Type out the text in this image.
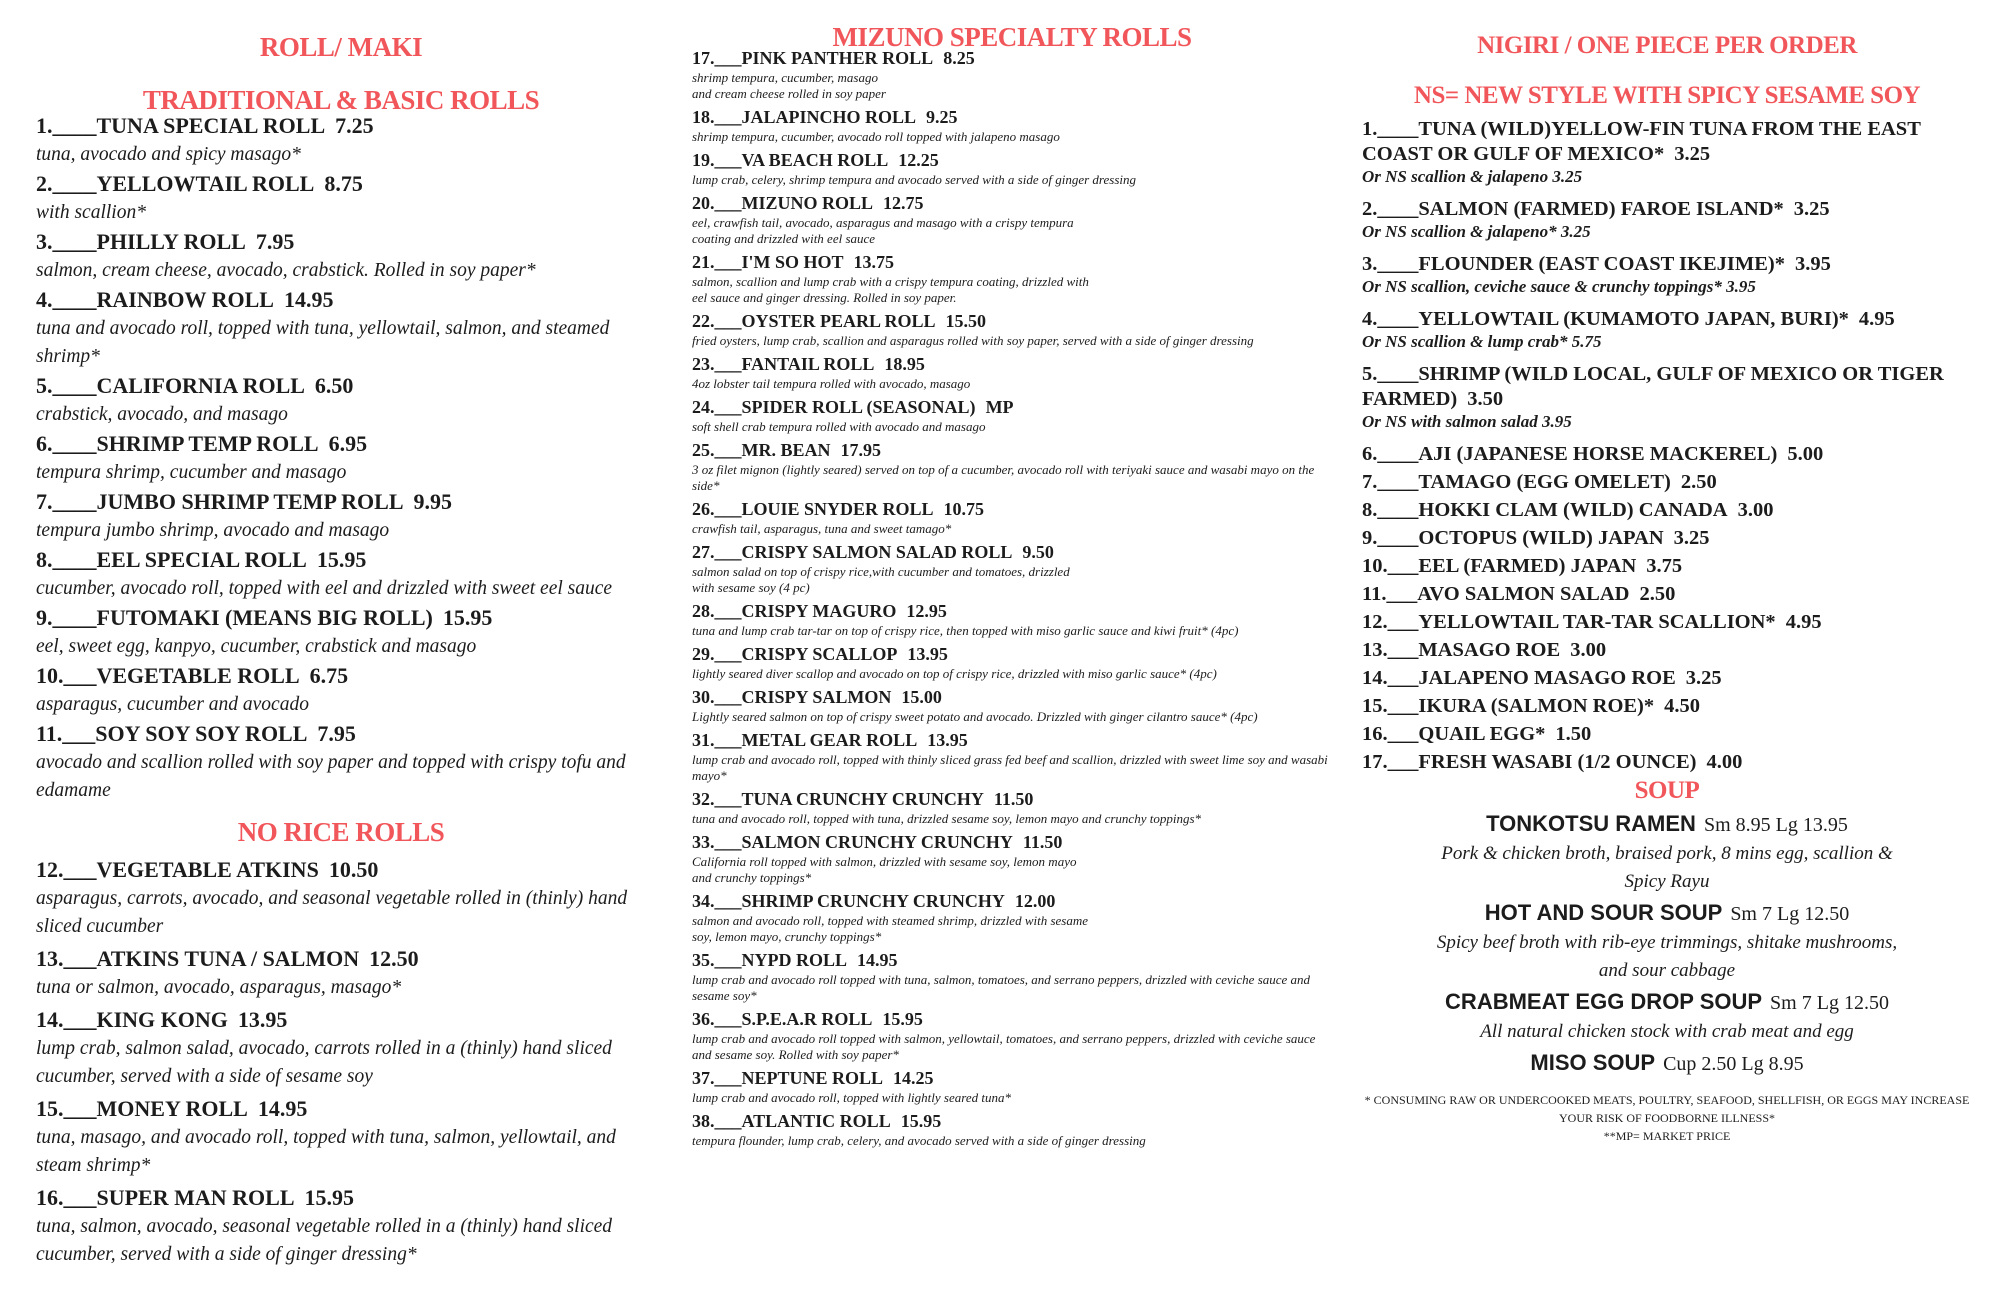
ROLL/ MAKI
TRADITIONAL & BASIC ROLLS
1.____TUNA SPECIAL ROLL 7.25
tuna, avocado and spicy masago*
2.____YELLOWTAIL ROLL 8.75
with scallion*
3.____PHILLY ROLL 7.95
salmon, cream cheese, avocado, crabstick. Rolled in soy paper*
4.____RAINBOW ROLL 14.95
tuna and avocado roll, topped with tuna, yellowtail, salmon, and steamed shrimp*
5.____CALIFORNIA ROLL 6.50
crabstick, avocado, and masago
6.____SHRIMP TEMP ROLL 6.95
tempura shrimp, cucumber and masago
7.____JUMBO SHRIMP TEMP ROLL 9.95
tempura jumbo shrimp, avocado and masago
8.____EEL SPECIAL ROLL 15.95
cucumber, avocado roll, topped with eel and drizzled with sweet eel sauce
9.____FUTOMAKI (MEANS BIG ROLL) 15.95
eel, sweet egg, kanpyo, cucumber, crabstick and masago
10.___VEGETABLE ROLL 6.75
asparagus, cucumber and avocado
11.___SOY SOY SOY ROLL 7.95
avocado and scallion rolled with soy paper and topped with crispy tofu and edamame
NO RICE ROLLS
12.___VEGETABLE ATKINS 10.50
asparagus, carrots, avocado, and seasonal vegetable rolled in (thinly) hand sliced cucumber
13.___ATKINS TUNA / SALMON 12.50
tuna or salmon, avocado, asparagus, masago*
14.___KING KONG 13.95
lump crab, salmon salad, avocado, carrots rolled in a (thinly) hand sliced cucumber, served with a side of sesame soy
15.___MONEY ROLL 14.95
tuna, masago, and avocado roll, topped with tuna, salmon, yellowtail, and steam shrimp*
16.___SUPER MAN ROLL 15.95
tuna, salmon, avocado, seasonal vegetable rolled in a (thinly) hand sliced cucumber, served with a side of ginger dressing*
MIZUNO SPECIALTY ROLLS
17.___PINK PANTHER ROLL 8.25
shrimp tempura, cucumber, masago
and cream cheese rolled in soy paper
18.___JALAPINCHO ROLL 9.25
shrimp tempura, cucumber, avocado roll topped with jalapeno masago
19.___VA BEACH ROLL 12.25
lump crab, celery, shrimp tempura and avocado served with a side of ginger dressing
20.___MIZUNO ROLL 12.75
eel, crawfish tail, avocado, asparagus and masago with a crispy tempura
coating and drizzled with eel sauce
21.___I'M SO HOT 13.75
salmon, scallion and lump crab with a crispy tempura coating, drizzled with
eel sauce and ginger dressing. Rolled in soy paper.
22.___OYSTER PEARL ROLL 15.50
fried oysters, lump crab, scallion and asparagus rolled with soy paper, served with a side of ginger dressing
23.___FANTAIL ROLL 18.95
4oz lobster tail tempura rolled with avocado, masago
24.___SPIDER ROLL (SEASONAL) MP
soft shell crab tempura rolled with avocado and masago
25.___MR. BEAN 17.95
3 oz filet mignon (lightly seared) served on top of a cucumber, avocado roll with teriyaki sauce and wasabi mayo on the side*
26.___LOUIE SNYDER ROLL 10.75
crawfish tail, asparagus, tuna and sweet tamago*
27.___CRISPY SALMON SALAD ROLL 9.50
salmon salad on top of crispy rice,with cucumber and tomatoes, drizzled
with sesame soy (4 pc)
28.___CRISPY MAGURO 12.95
tuna and lump crab tar-tar on top of crispy rice, then topped with miso garlic sauce and kiwi fruit* (4pc)
29.___CRISPY SCALLOP 13.95
lightly seared diver scallop and avocado on top of crispy rice, drizzled with miso garlic sauce* (4pc)
30.___CRISPY SALMON 15.00
Lightly seared salmon on top of crispy sweet potato and avocado. Drizzled with ginger cilantro sauce* (4pc)
31.___METAL GEAR ROLL 13.95
lump crab and avocado roll, topped with thinly sliced grass fed beef and scallion, drizzled with sweet lime soy and wasabi mayo*
32.___TUNA CRUNCHY CRUNCHY 11.50
tuna and avocado roll, topped with tuna, drizzled sesame soy, lemon mayo and crunchy toppings*
33.___SALMON CRUNCHY CRUNCHY 11.50
California roll topped with salmon, drizzled with sesame soy, lemon mayo
and crunchy toppings*
34.___SHRIMP CRUNCHY CRUNCHY 12.00
salmon and avocado roll, topped with steamed shrimp, drizzled with sesame
soy, lemon mayo, crunchy toppings*
35.___NYPD ROLL 14.95
lump crab and avocado roll topped with tuna, salmon, tomatoes, and serrano peppers, drizzled with ceviche sauce and sesame soy*
36.___S.P.E.A.R ROLL 15.95
lump crab and avocado roll topped with salmon, yellowtail, tomatoes, and serrano peppers, drizzled with ceviche sauce and sesame soy. Rolled with soy paper*
37.___NEPTUNE ROLL 14.25
lump crab and avocado roll, topped with lightly seared tuna*
38.___ATLANTIC ROLL 15.95
tempura flounder, lump crab, celery, and avocado served with a side of ginger dressing
NIGIRI / ONE PIECE PER ORDER
NS= NEW STYLE WITH SPICY SESAME SOY
1.____TUNA (WILD)YELLOW-FIN TUNA FROM THE EAST COAST OR GULF OF MEXICO* 3.25
Or NS scallion & jalapeno 3.25
2.____SALMON (FARMED) FAROE ISLAND* 3.25
Or NS scallion & jalapeno* 3.25
3.____FLOUNDER (EAST COAST IKEJIME)* 3.95
Or NS scallion, ceviche sauce & crunchy toppings* 3.95
4.____YELLOWTAIL (KUMAMOTO JAPAN, BURI)* 4.95
Or NS scallion & lump crab* 5.75
5.____SHRIMP (WILD LOCAL, GULF OF MEXICO OR TIGER FARMED) 3.50
Or NS with salmon salad 3.95
6.____AJI (JAPANESE HORSE MACKEREL) 5.00
7.____TAMAGO (EGG OMELET) 2.50
8.____HOKKI CLAM (WILD) CANADA 3.00
9.____OCTOPUS (WILD) JAPAN 3.25
10.___EEL (FARMED) JAPAN 3.75
11.___AVO SALMON SALAD 2.50
12.___YELLOWTAIL TAR-TAR SCALLION* 4.95
13.___MASAGO ROE 3.00
14.___JALAPENO MASAGO ROE 3.25
15.___IKURA (SALMON ROE)* 4.50
16.___QUAIL EGG* 1.50
17.___FRESH WASABI (1/2 OUNCE) 4.00
SOUP
TONKOTSU RAMEN Sm 8.95 Lg 13.95
Pork & chicken broth, braised pork, 8 mins egg, scallion & Spicy Rayu
HOT AND SOUR SOUP Sm 7 Lg 12.50
Spicy beef broth with rib-eye trimmings, shitake mushrooms, and sour cabbage
CRABMEAT EGG DROP SOUP Sm 7 Lg 12.50
All natural chicken stock with crab meat and egg
MISO SOUP Cup 2.50 Lg 8.95
* CONSUMING RAW OR UNDERCOOKED MEATS, POULTRY, SEAFOOD, SHELLFISH, OR EGGS MAY INCREASE YOUR RISK OF FOODBORNE ILLNESS*
**MP= MARKET PRICE
